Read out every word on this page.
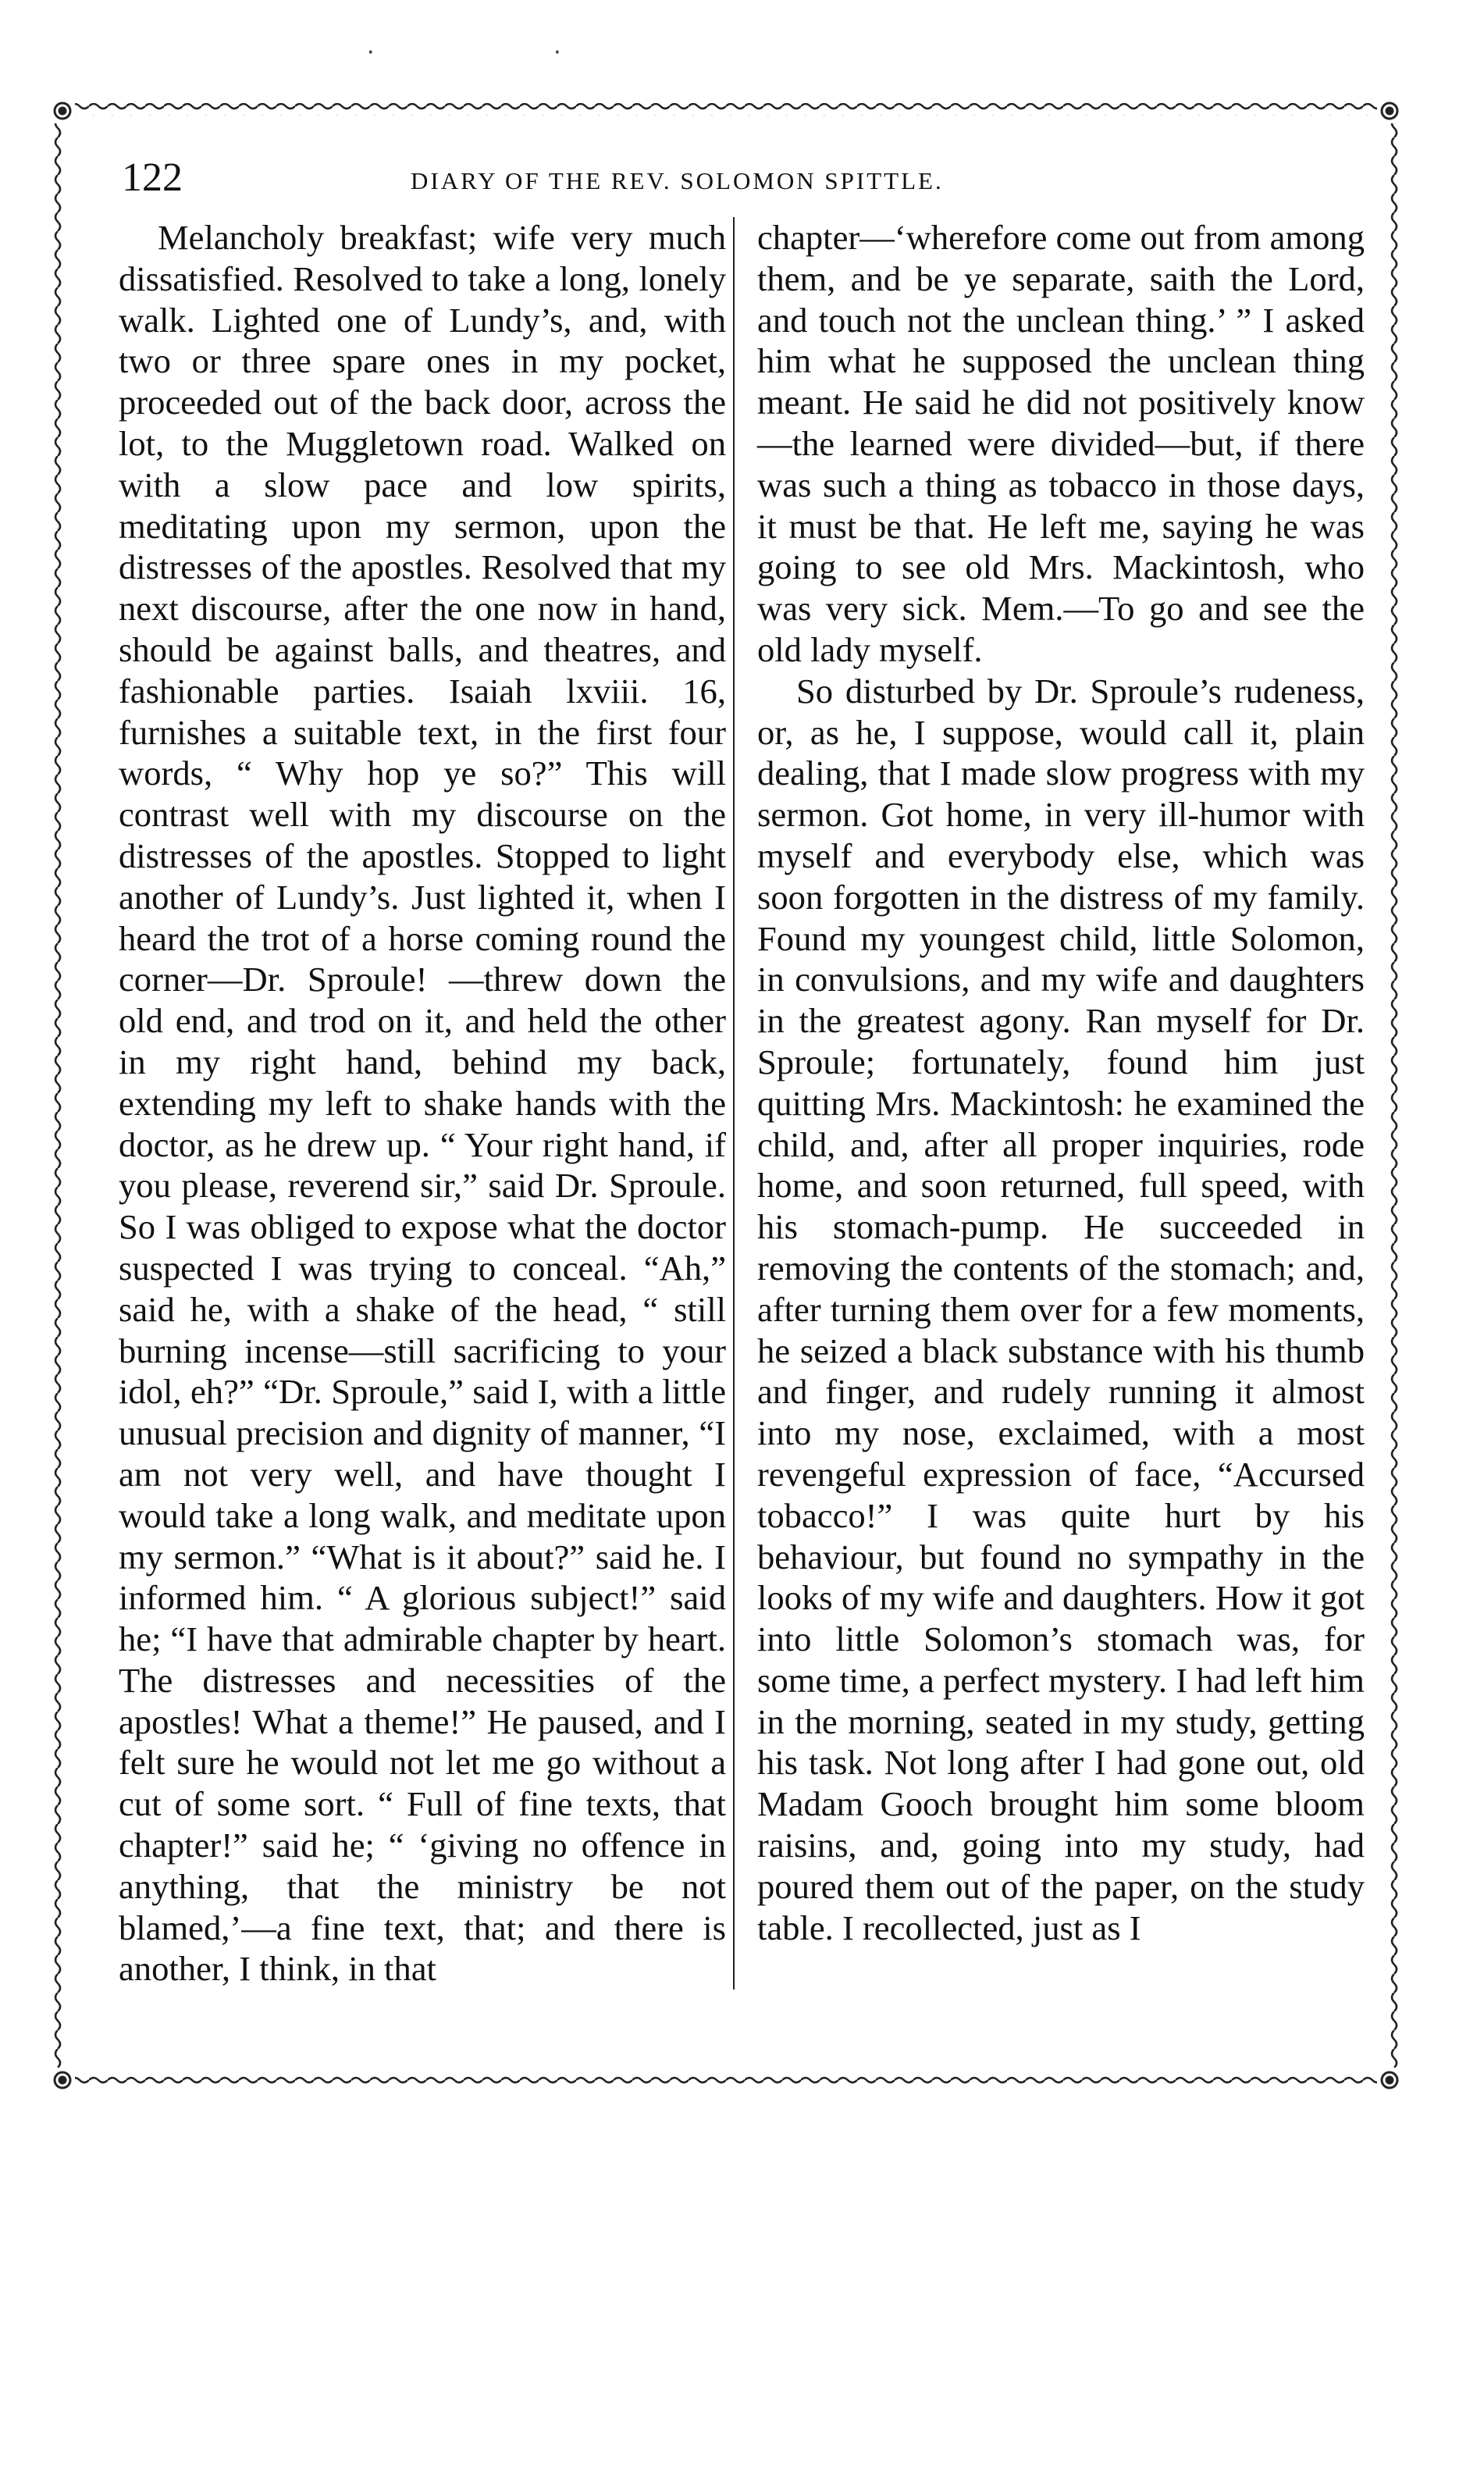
· ·
122	DIARY OF THE REV. SOLOMON SPITTLE.

Melancholy breakfast; wife very much dissatisfied. Resolved to take a long, lonely walk. Lighted one of Lundy’s, and, with two or three spare ones in my pocket, proceeded out of the back door, across the lot, to the Muggletown road. Walked on with a slow pace and low spirits, meditating upon my sermon, upon the distresses of the apostles. Resolved that my next discourse, after the one now in hand, should be against balls, and theatres, and fashionable parties. Isaiah lxviii. 16, furnishes a suitable text, in the first four words, “ Why hop ye so?” This will contrast well with my discourse on the distresses of the apostles. Stopped to light another of Lundy’s. Just lighted it, when I heard the trot of a horse coming round the corner—Dr. Sproule! —threw down the old end, and trod on it, and held the other in my right hand, behind my back, extending my left to shake hands with the doctor, as he drew up. “ Your right hand, if you please, reverend sir,” said Dr. Sproule. So I was obliged to expose what the doctor suspected I was trying to conceal. “Ah,” said he, with a shake of the head, “ still burning incense—still sacrificing to your idol, eh?” “Dr. Sproule,” said I, with a little unusual precision and dignity of manner, “I am not very well, and have thought I would take a long walk, and meditate upon my sermon.” “What is it about?” said he. I informed him. “ A glorious subject!” said he; “I have that admirable chapter by heart. The distresses and necessities of the apostles! What a theme!” He paused, and I felt sure he would not let me go without a cut of some sort. “ Full of fine texts, that chapter!” said he; “ ‘giving no offence in anything, that the ministry be not blamed,’—a fine text, that; and there is another, I think, in that

chapter—‘wherefore come out from among them, and be ye separate, saith the Lord, and touch not the unclean thing.’ ” I asked him what he supposed the unclean thing meant. He said he did not positively know—the learned were divided—but, if there was such a thing as tobacco in those days, it must be that. He left me, saying he was going to see old Mrs. Mackintosh, who was very sick. Mem.—To go and see the old lady myself.

So disturbed by Dr. Sproule’s rudeness, or, as he, I suppose, would call it, plain dealing, that I made slow progress with my sermon. Got home, in very ill-humor with myself and everybody else, which was soon forgotten in the distress of my family. Found my youngest child, little Solomon, in convulsions, and my wife and daughters in the greatest agony. Ran myself for Dr. Sproule; fortunately, found him just quitting Mrs. Mackintosh: he examined the child, and, after all proper inquiries, rode home, and soon returned, full speed, with his stomach-pump. He succeeded in removing the contents of the stomach; and, after turning them over for a few moments, he seized a black substance with his thumb and finger, and rudely running it almost into my nose, exclaimed, with a most revengeful expression of face, “Accursed tobacco!” I was quite hurt by his behaviour, but found no sympathy in the looks of my wife and daughters. How it got into little Solomon’s stomach was, for some time, a perfect mystery. I had left him in the morning, seated in my study, getting his task. Not long after I had gone out, old Madam Gooch brought him some bloom raisins, and, going into my study, had poured them out of the paper, on the study table. I recollected, just as I
